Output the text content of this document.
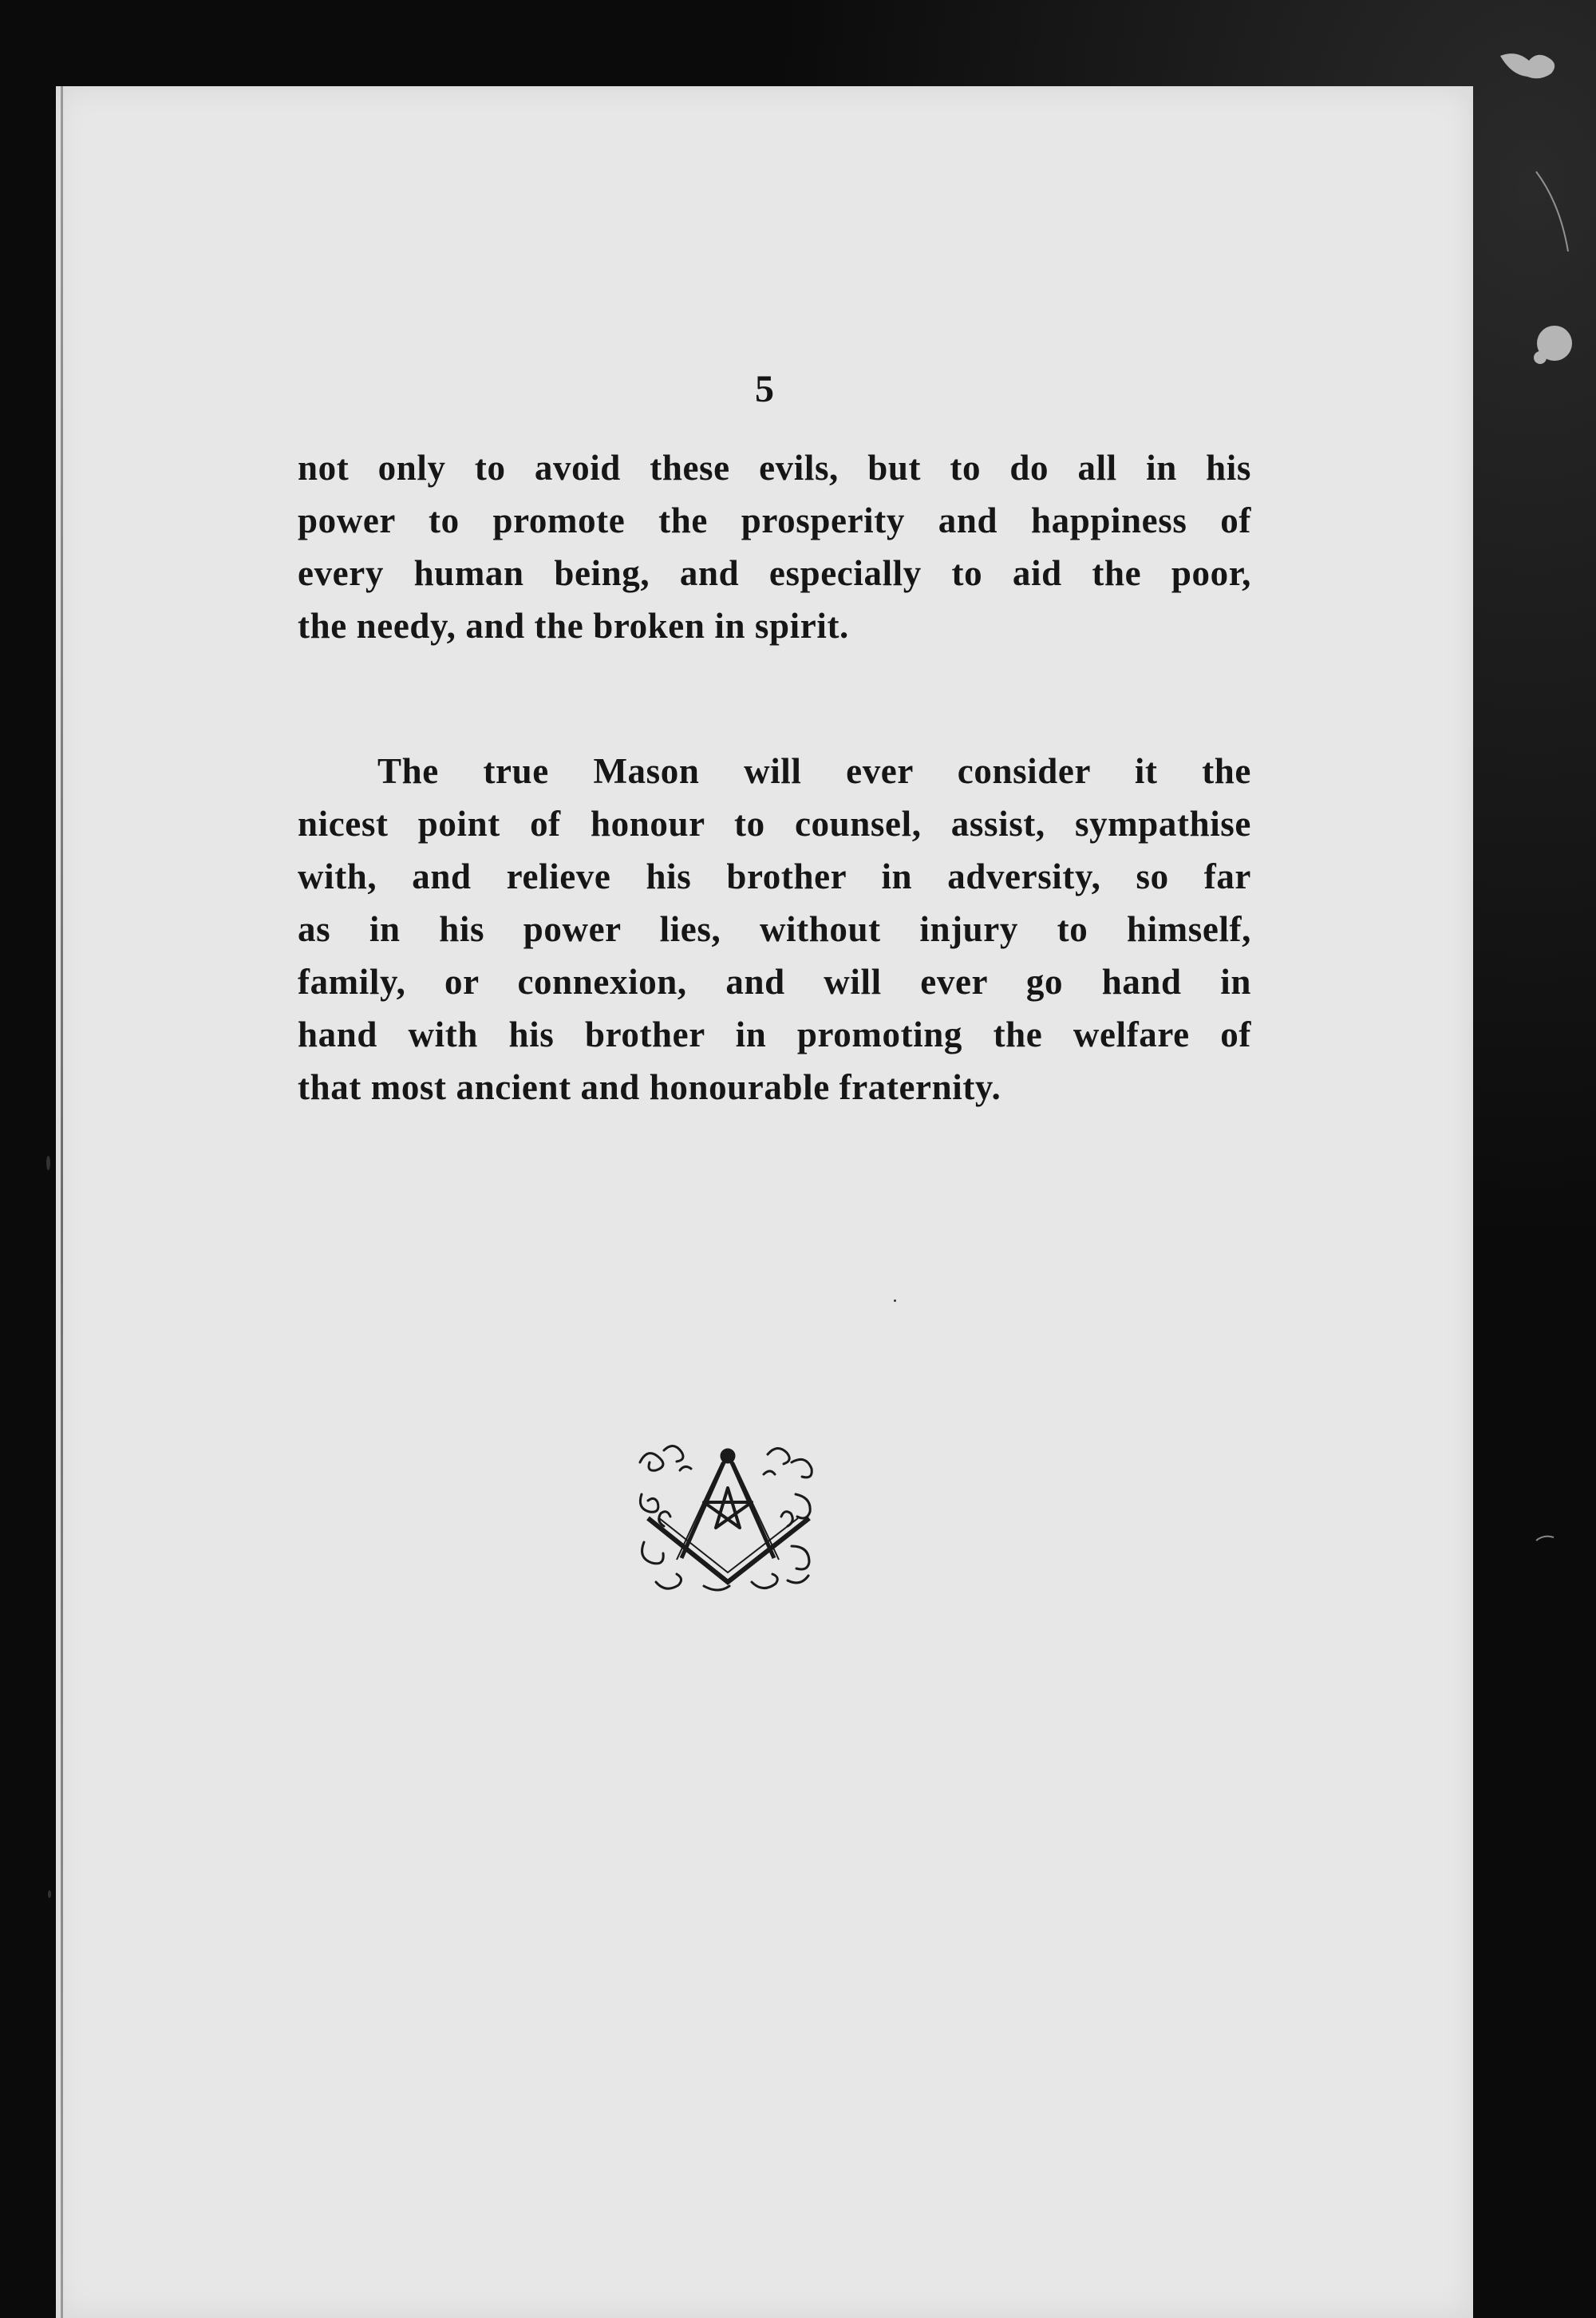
5
not only to avoid these evils, but to do all in his
power to promote the prosperity and happiness of
every human being, and especially to aid the poor,
the needy, and the broken in spirit.
The true Mason will ever consider it the
nicest point of honour to counsel, assist, sympathise
with, and relieve his brother in adversity, so far
as in his power lies, without injury to himself,
family, or connexion, and will ever go hand in
hand with his brother in promoting the welfare of
that most ancient and honourable fraternity.
